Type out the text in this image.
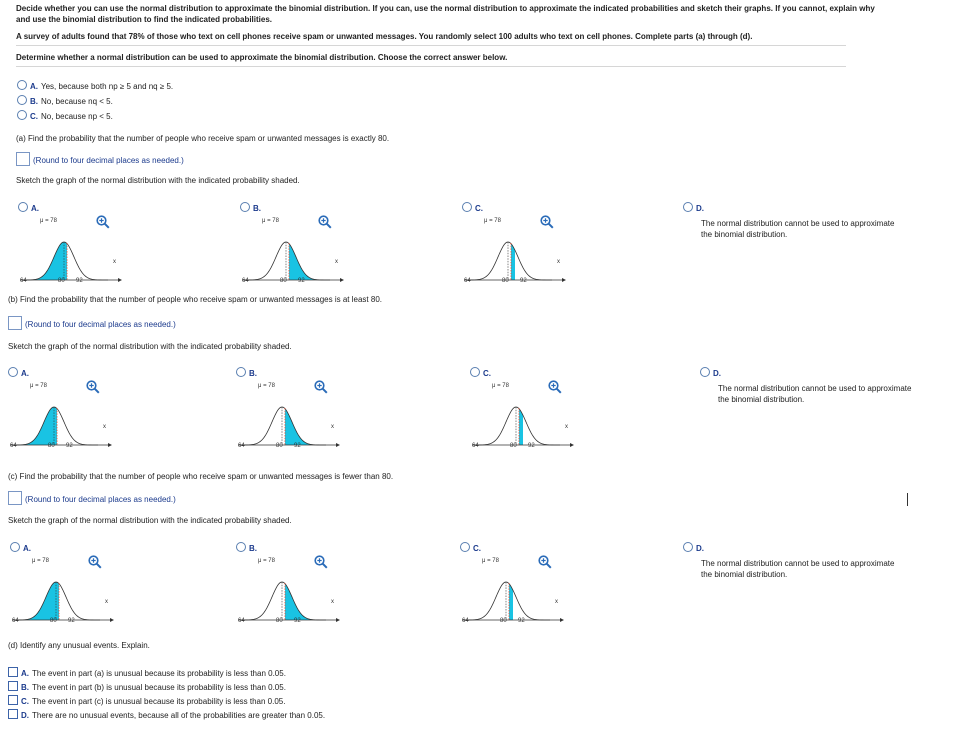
Decide whether you can use the normal distribution to approximate the binomial distribution. If you can, use the normal distribution to approximate the indicated probabilities and sketch their graphs. If you cannot, explain why and use the binomial distribution to find the indicated probabilities.
A survey of adults found that 78% of those who text on cell phones receive spam or unwanted messages. You randomly select 100 adults who text on cell phones. Complete parts (a) through (d).
Determine whether a normal distribution can be used to approximate the binomial distribution. Choose the correct answer below.
A. Yes, because both np ≥ 5 and nq ≥ 5.
B. No, because nq < 5.
C. No, because np < 5.
(a) Find the probability that the number of people who receive spam or unwanted messages is exactly 80.
(Round to four decimal places as needed.)
Sketch the graph of the normal distribution with the indicated probability shaded.
A.
μ = 78
x
64	80 92
B.
μ = 78
x
64	80 92
C.
μ = 78
x
64	80 92
D.
The normal distribution cannot be used to approximate the binomial distribution.
(b) Find the probability that the number of people who receive spam or unwanted messages is at least 80.
(Round to four decimal places as needed.)
Sketch the graph of the normal distribution with the indicated probability shaded.
A.
μ = 78
x
64	80 92
B.
μ = 78
x
64	80 92
C.
μ = 78
x
64	80 92
D.
The normal distribution cannot be used to approximate the binomial distribution.
(c) Find the probability that the number of people who receive spam or unwanted messages is fewer than 80.
(Round to four decimal places as needed.)
Sketch the graph of the normal distribution with the indicated probability shaded.
A.
μ = 78
x
64	80 92
B.
μ = 78
x
64	80 92
C.
μ = 78
x
64	80 92
D.
The normal distribution cannot be used to approximate the binomial distribution.
(d) Identify any unusual events. Explain.
A. The event in part (a) is unusual because its probability is less than 0.05.
B. The event in part (b) is unusual because its probability is less than 0.05.
C. The event in part (c) is unusual because its probability is less than 0.05.
D. There are no unusual events, because all of the probabilities are greater than 0.05.
